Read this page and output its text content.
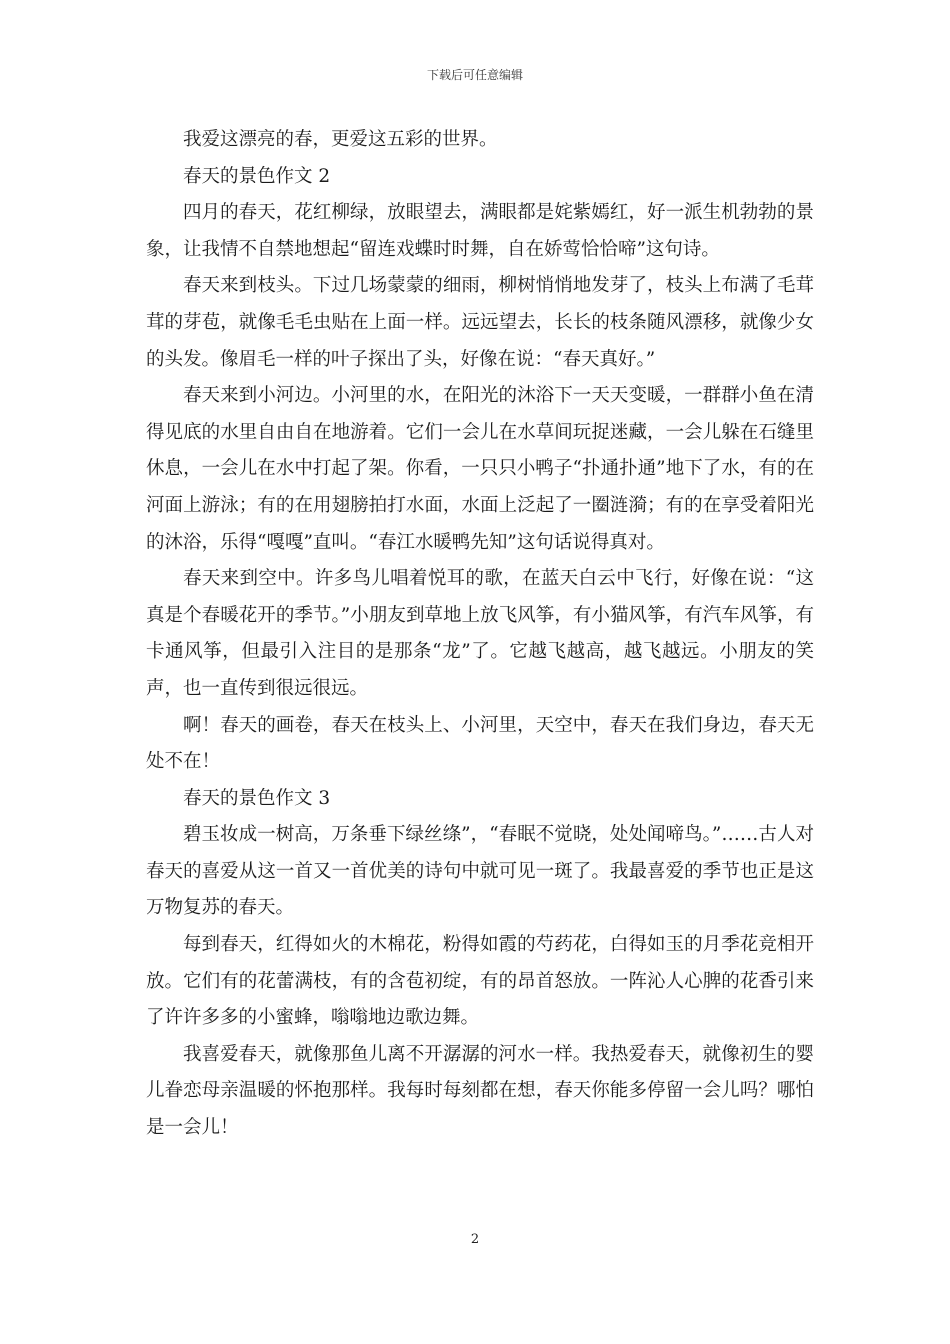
下载后可任意编辑

我爱这漂亮的春，更爱这五彩的世界。

春天的景色作文 2

四月的春天，花红柳绿，放眼望去，满眼都是姹紫嫣红，好一派生机勃勃的景象，让我情不自禁地想起“留连戏蝶时时舞，自在娇莺恰恰啼”这句诗。

春天来到枝头。下过几场蒙蒙的细雨，柳树悄悄地发芽了，枝头上布满了毛茸茸的芽苞，就像毛毛虫贴在上面一样。远远望去，长长的枝条随风漂移，就像少女的头发。像眉毛一样的叶子探出了头，好像在说：“春天真好。”

春天来到小河边。小河里的水，在阳光的沐浴下一天天变暖，一群群小鱼在清得见底的水里自由自在地游着。它们一会儿在水草间玩捉迷藏，一会儿躲在石缝里休息，一会儿在水中打起了架。你看，一只只小鸭子“扑通扑通”地下了水，有的在河面上游泳；有的在用翅膀拍打水面，水面上泛起了一圈涟漪；有的在享受着阳光的沐浴，乐得“嘎嘎”直叫。“春江水暖鸭先知”这句话说得真对。

春天来到空中。许多鸟儿唱着悦耳的歌，在蓝天白云中飞行，好像在说：“这真是个春暖花开的季节。”小朋友到草地上放飞风筝，有小猫风筝，有汽车风筝，有卡通风筝，但最引入注目的是那条“龙”了。它越飞越高，越飞越远。小朋友的笑声，也一直传到很远很远。

啊！春天的画卷，春天在枝头上、小河里，天空中，春天在我们身边，春天无处不在！

春天的景色作文 3

碧玉妆成一树高，万条垂下绿丝绦”，“春眠不觉晓，处处闻啼鸟。”……古人对春天的喜爱从这一首又一首优美的诗句中就可见一斑了。我最喜爱的季节也正是这万物复苏的春天。

每到春天，红得如火的木棉花，粉得如霞的芍药花，白得如玉的月季花竞相开放。它们有的花蕾满枝，有的含苞初绽，有的昂首怒放。一阵沁人心脾的花香引来了许许多多的小蜜蜂，嗡嗡地边歌边舞。

我喜爱春天，就像那鱼儿离不开潺潺的河水一样。我热爱春天，就像初生的婴儿眷恋母亲温暖的怀抱那样。我每时每刻都在想，春天你能多停留一会儿吗？哪怕是一会儿！

2
